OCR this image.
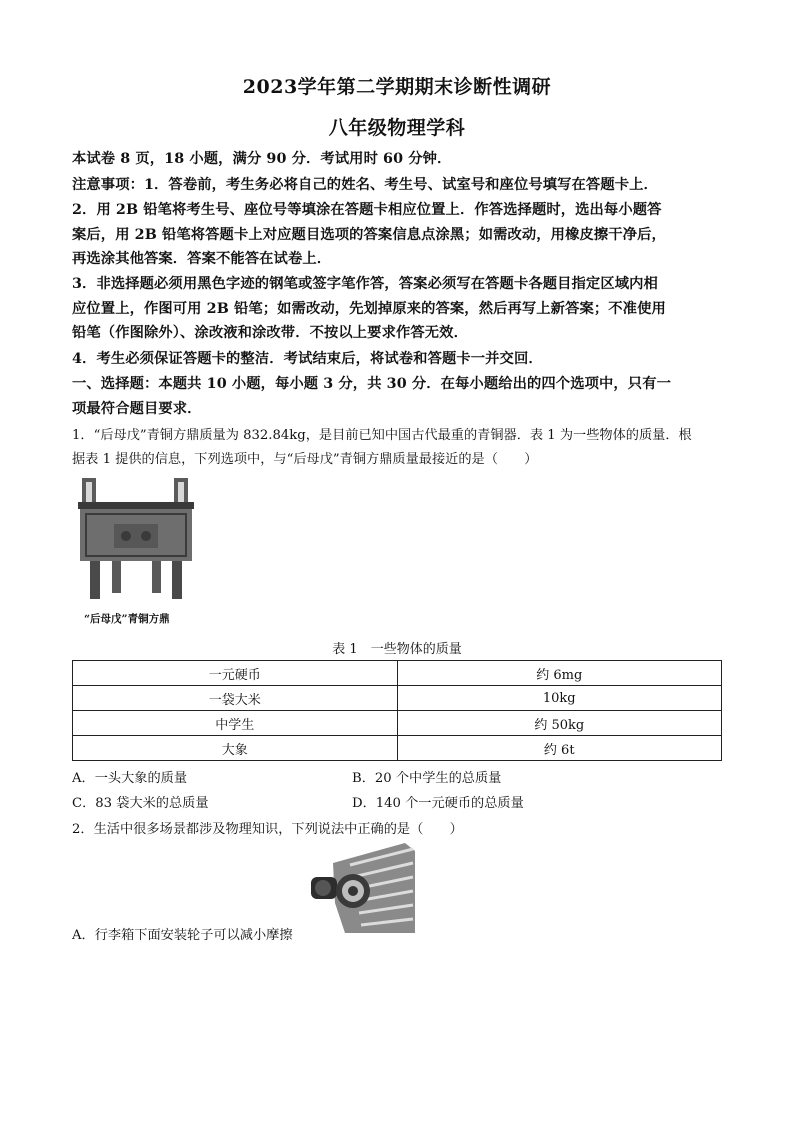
2023学年第二学期期末诊断性调研
八年级物理学科
本试卷 8 页，18 小题，满分 90 分．考试用时 60 分钟．
注意事项：1．答卷前，考生务必将自己的姓名、考生号、试室号和座位号填写在答题卡上．
2．用 2B 铅笔将考生号、座位号等填涂在答题卡相应位置上．作答选择题时，选出每小题答
案后，用 2B 铅笔将答题卡上对应题目选项的答案信息点涂黑；如需改动，用橡皮擦干净后，
再选涂其他答案．答案不能答在试卷上．
3．非选择题必须用黑色字迹的钢笔或签字笔作答，答案必须写在答题卡各题目指定区域内相
应位置上，作图可用 2B 铅笔；如需改动，先划掉原来的答案，然后再写上新答案；不准使用
铅笔（作图除外）、涂改液和涂改带．不按以上要求作答无效．
4．考生必须保证答题卡的整洁．考试结束后，将试卷和答题卡一并交回．
一、选择题：本题共 10 小题，每小题 3 分，共 30 分．在每小题给出的四个选项中，只有一
项最符合题目要求．
1．“后母戊”青铜方鼎质量为 832.84kg，是目前已知中国古代最重的青铜器．表 1 为一些物体的质量．根
据表 1 提供的信息，下列选项中，与“后母戊”青铜方鼎质量最接近的是（　　）
“后母戊”青铜方鼎
表 1　一些物体的质量
一元硬币	约 6mg
一袋大米	10kg
中学生	约 50kg
大象	约 6t
A．一头大象的质量	B．20 个中学生的总质量
C．83 袋大米的总质量	D．140 个一元硬币的总质量
2．生活中很多场景都涉及物理知识，下列说法中正确的是（　　）
A．行李箱下面安装轮子可以减小摩擦
